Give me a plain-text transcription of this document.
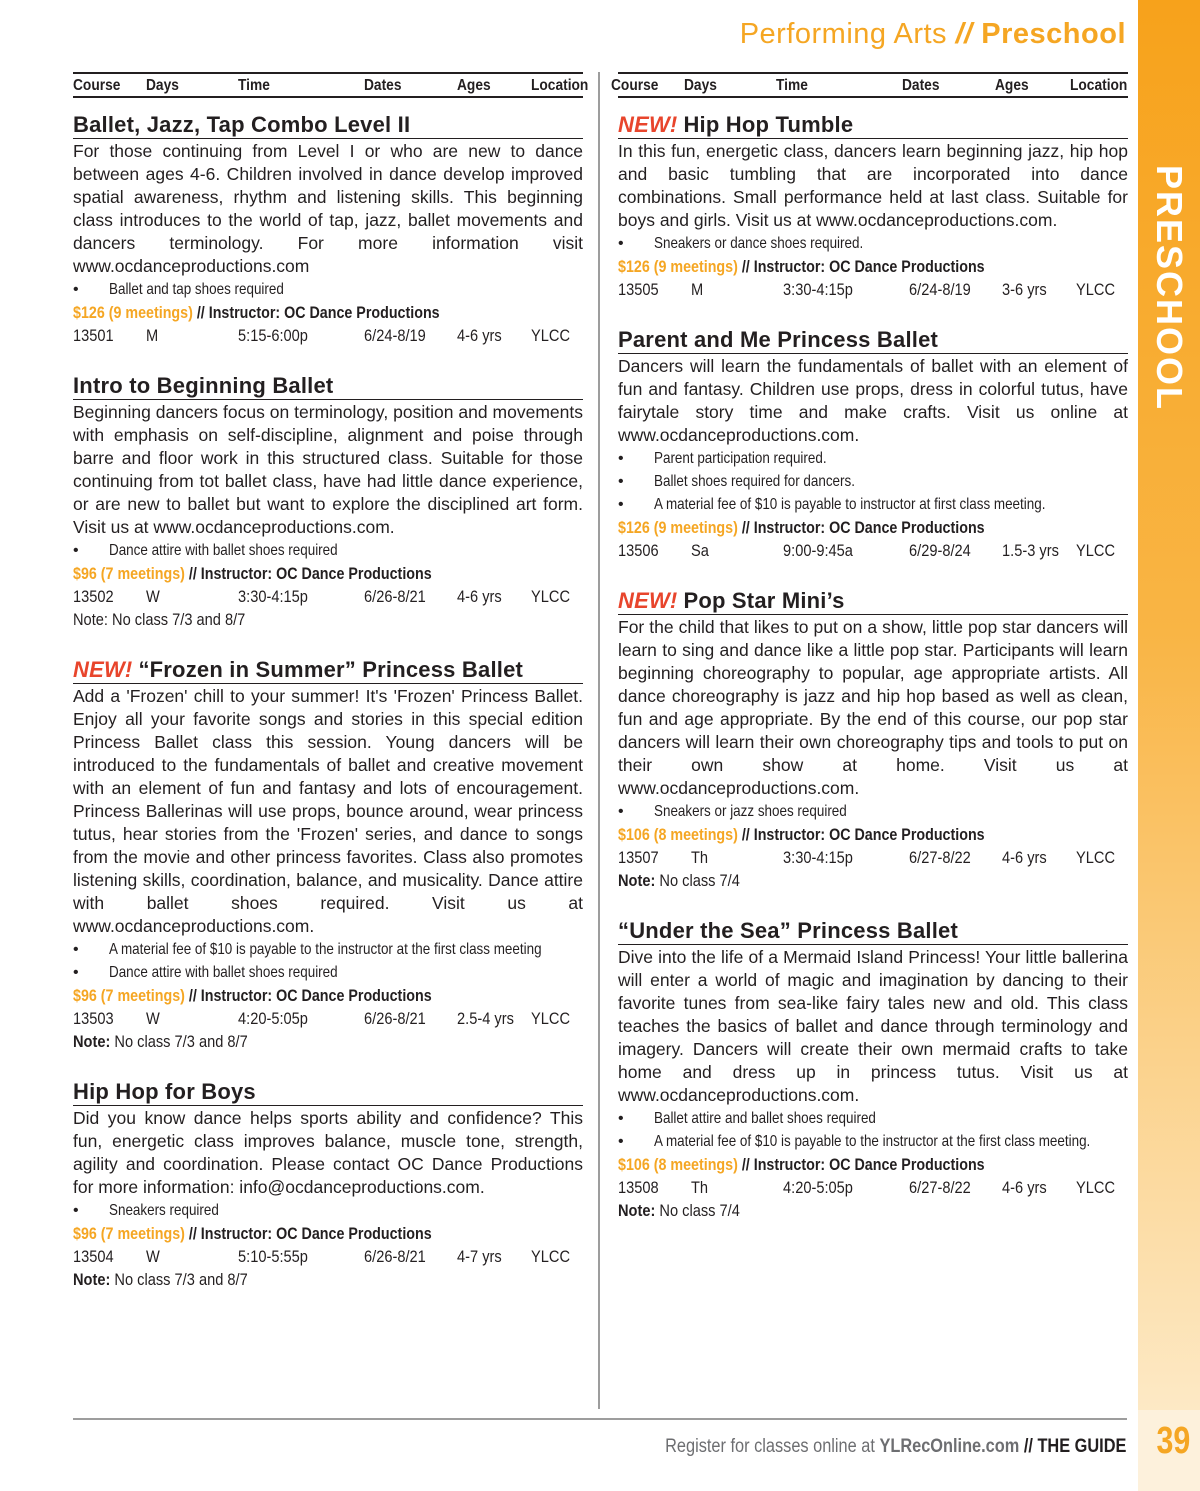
Performing Arts // Preschool
PRESCHOOL
39
Course Days	Time	Dates	Ages	Location
Ballet, Jazz, Tap Combo Level II
For those continuing from Level I or who are new to dance between ages 4-6. Children involved in dance develop improved spatial awareness, rhythm and listening skills. This beginning class introduces to the world of tap, jazz, ballet movements and dancers terminology. For more information visit www.ocdanceproductions.com
• Ballet and tap shoes required
$126 (9 meetings) // Instructor: OC Dance Productions
13501 M	5:15-6:00p	6/24-8/19 4-6 yrs YLCC
Intro to Beginning Ballet
Beginning dancers focus on terminology, position and movements with emphasis on self-discipline, alignment and poise through barre and floor work in this structured class. Suitable for those continuing from tot ballet class, have had little dance experience, or are new to ballet but want to explore the disciplined art form. Visit us at www.ocdanceproductions.com.
• Dance attire with ballet shoes required
$96 (7 meetings) // Instructor: OC Dance Productions
13502 W	3:30-4:15p	6/26-8/21 4-6 yrs YLCC
Note: No class 7/3 and 8/7
NEW! “Frozen in Summer” Princess Ballet
Add a 'Frozen' chill to your summer! It's 'Frozen' Princess Ballet. Enjoy all your favorite songs and stories in this special edition Princess Ballet class this session. Young dancers will be introduced to the fundamentals of ballet and creative movement with an element of fun and fantasy and lots of encouragement. Princess Ballerinas will use props, bounce around, wear princess tutus, hear stories from the 'Frozen' series, and dance to songs from the movie and other princess favorites. Class also promotes listening skills, coordination, balance, and musicality. Dance attire with ballet shoes required. Visit us at www.ocdanceproductions.com.
• A material fee of $10 is payable to the instructor at the first class meeting
• Dance attire with ballet shoes required
$96 (7 meetings) // Instructor: OC Dance Productions
13503 W	4:20-5:05p	6/26-8/21 2.5-4 yrs YLCC
Note: No class 7/3 and 8/7
Hip Hop for Boys
Did you know dance helps sports ability and confidence? This fun, energetic class improves balance, muscle tone, strength, agility and coordination. Please contact OC Dance Productions for more information: info@ocdanceproductions.com.
• Sneakers required
$96 (7 meetings) // Instructor: OC Dance Productions
13504 W	5:10-5:55p	6/26-8/21 4-7 yrs YLCC
Note: No class 7/3 and 8/7
Course Days	Time	Dates	Ages	Location
NEW! Hip Hop Tumble
In this fun, energetic class, dancers learn beginning jazz, hip hop and basic tumbling that are incorporated into dance combinations. Small performance held at last class. Suitable for boys and girls. Visit us at www.ocdanceproductions.com.
• Sneakers or dance shoes required.
$126 (9 meetings) // Instructor: OC Dance Productions
13505 M	3:30-4:15p	6/24-8/19 3-6 yrs YLCC
Parent and Me Princess Ballet
Dancers will learn the fundamentals of ballet with an element of fun and fantasy. Children use props, dress in colorful tutus, have fairytale story time and make crafts. Visit us online at www.ocdanceproductions.com.
• Parent participation required.
• Ballet shoes required for dancers.
• A material fee of $10 is payable to instructor at first class meeting.
$126 (9 meetings) // Instructor: OC Dance Productions
13506 Sa	9:00-9:45a	6/29-8/24 1.5-3 yrs YLCC
NEW! Pop Star Mini’s
For the child that likes to put on a show, little pop star dancers will learn to sing and dance like a little pop star. Participants will learn beginning choreography to popular, age appropriate artists. All dance choreography is jazz and hip hop based as well as clean, fun and age appropriate. By the end of this course, our pop star dancers will learn their own choreography tips and tools to put on their own show at home. Visit us at www.ocdanceproductions.com.
• Sneakers or jazz shoes required
$106 (8 meetings) // Instructor: OC Dance Productions
13507 Th	3:30-4:15p	6/27-8/22 4-6 yrs YLCC
Note: No class 7/4
“Under the Sea” Princess Ballet
Dive into the life of a Mermaid Island Princess! Your little ballerina will enter a world of magic and imagination by dancing to their favorite tunes from sea-like fairy tales new and old. This class teaches the basics of ballet and dance through terminology and imagery. Dancers will create their own mermaid crafts to take home and dress up in princess tutus. Visit us at www.ocdanceproductions.com.
• Ballet attire and ballet shoes required
• A material fee of $10 is payable to the instructor at the first class meeting.
$106 (8 meetings) // Instructor: OC Dance Productions
13508 Th	4:20-5:05p	6/27-8/22 4-6 yrs YLCC
Note: No class 7/4
Register for classes online at YLRecOnline.com // THE GUIDE
